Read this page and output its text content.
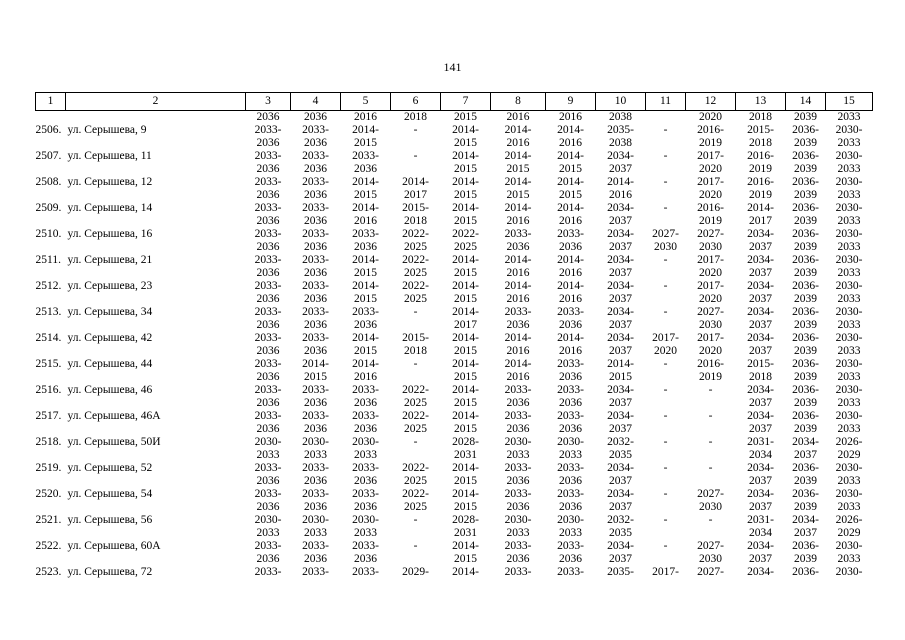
141
1	2	3	4	5	6	7	8	9	10	11	12	13	14	15
		2036	2036	2016	2018	2015	2016	2016	2038		2020	2018	2039	2033
2506.	ул. Серышева, 9	2033-	2033-	2014-	-	2014-	2014-	2014-	2035-	-	2016-	2015-	2036-	2030-
		2036	2036	2015		2015	2016	2016	2038		2019	2018	2039	2033
2507.	ул. Серышева, 11	2033-	2033-	2033-	-	2014-	2014-	2014-	2034-	-	2017-	2016-	2036-	2030-
		2036	2036	2036		2015	2015	2015	2037		2020	2019	2039	2033
2508.	ул. Серышева, 12	2033-	2033-	2014-	2014-	2014-	2014-	2014-	2014-	-	2017-	2016-	2036-	2030-
		2036	2036	2015	2017	2015	2015	2015	2016		2020	2019	2039	2033
2509.	ул. Серышева, 14	2033-	2033-	2014-	2015-	2014-	2014-	2014-	2034-	-	2016-	2014-	2036-	2030-
		2036	2036	2016	2018	2015	2016	2016	2037		2019	2017	2039	2033
2510.	ул. Серышева, 16	2033-	2033-	2033-	2022-	2022-	2033-	2033-	2034-	2027-	2027-	2034-	2036-	2030-
		2036	2036	2036	2025	2025	2036	2036	2037	2030	2030	2037	2039	2033
2511.	ул. Серышева, 21	2033-	2033-	2014-	2022-	2014-	2014-	2014-	2034-	-	2017-	2034-	2036-	2030-
		2036	2036	2015	2025	2015	2016	2016	2037		2020	2037	2039	2033
2512.	ул. Серышева, 23	2033-	2033-	2014-	2022-	2014-	2014-	2014-	2034-	-	2017-	2034-	2036-	2030-
		2036	2036	2015	2025	2015	2016	2016	2037		2020	2037	2039	2033
2513.	ул. Серышева, 34	2033-	2033-	2033-	-	2014-	2033-	2033-	2034-	-	2027-	2034-	2036-	2030-
		2036	2036	2036		2017	2036	2036	2037		2030	2037	2039	2033
2514.	ул. Серышева, 42	2033-	2033-	2014-	2015-	2014-	2014-	2014-	2034-	2017-	2017-	2034-	2036-	2030-
		2036	2036	2015	2018	2015	2016	2016	2037	2020	2020	2037	2039	2033
2515.	ул. Серышева, 44	2033-	2014-	2014-	-	2014-	2014-	2033-	2014-	-	2016-	2015-	2036-	2030-
		2036	2015	2016		2015	2016	2036	2015		2019	2018	2039	2033
2516.	ул. Серышева, 46	2033-	2033-	2033-	2022-	2014-	2033-	2033-	2034-	-	-	2034-	2036-	2030-
		2036	2036	2036	2025	2015	2036	2036	2037			2037	2039	2033
2517.	ул. Серышева, 46А	2033-	2033-	2033-	2022-	2014-	2033-	2033-	2034-	-	-	2034-	2036-	2030-
		2036	2036	2036	2025	2015	2036	2036	2037			2037	2039	2033
2518.	ул. Серышева, 50И	2030-	2030-	2030-	-	2028-	2030-	2030-	2032-	-	-	2031-	2034-	2026-
		2033	2033	2033		2031	2033	2033	2035			2034	2037	2029
2519.	ул. Серышева, 52	2033-	2033-	2033-	2022-	2014-	2033-	2033-	2034-	-	-	2034-	2036-	2030-
		2036	2036	2036	2025	2015	2036	2036	2037			2037	2039	2033
2520.	ул. Серышева, 54	2033-	2033-	2033-	2022-	2014-	2033-	2033-	2034-	-	2027-	2034-	2036-	2030-
		2036	2036	2036	2025	2015	2036	2036	2037		2030	2037	2039	2033
2521.	ул. Серышева, 56	2030-	2030-	2030-	-	2028-	2030-	2030-	2032-	-	-	2031-	2034-	2026-
		2033	2033	2033		2031	2033	2033	2035			2034	2037	2029
2522.	ул. Серышева, 60А	2033-	2033-	2033-	-	2014-	2033-	2033-	2034-	-	2027-	2034-	2036-	2030-
		2036	2036	2036		2015	2036	2036	2037		2030	2037	2039	2033
2523.	ул. Серышева, 72	2033-	2033-	2033-	2029-	2014-	2033-	2033-	2035-	2017-	2027-	2034-	2036-	2030-
